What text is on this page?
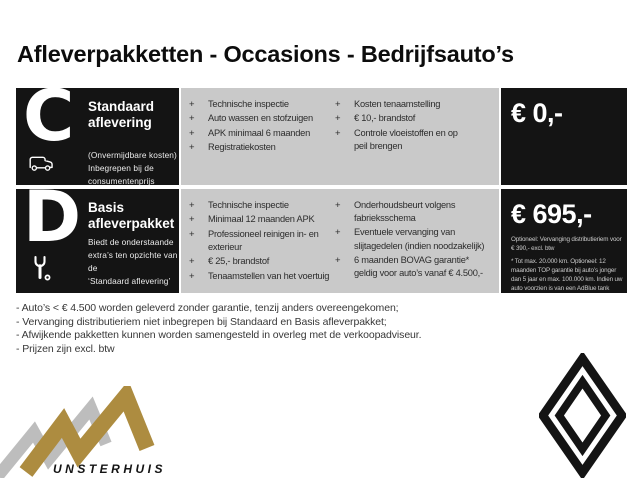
Afleverpakketten - Occasions - Bedrijfsauto’s
C Standaard aflevering
(Onvermijdbare kosten)
Inbegrepen bij de
consumentenprijs
+	Technische inspectie
+	Auto wassen en stofzuigen
+	APK minimaal 6 maanden
+	Registratiekosten
+	Kosten tenaamstelling
+	€ 10,- brandstof
+	Controle vloeistoffen en op
peil brengen
€ 0,-
D Basis afleverpakket
Biedt de onderstaande
extra’s ten opzichte van de
‘Standaard aflevering’
+	Technische inspectie
+	Minimaal 12 maanden APK
+	Professioneel reinigen in- en
exterieur
+	€ 25,- brandstof
+	Tenaamstellen van het voertuig
+	Onderhoudsbeurt volgens
fabrieksschema
+	Eventuele vervanging van
slijtagedelen (indien noodzakelijk)
+	6 maanden BOVAG garantie*
geldig voor auto’s vanaf € 4.500,-
€ 695,-

Optioneel: Vervanging distributieriem voor € 390,- excl. btw

* Tot max. 20.000 km. Optioneel: 12 maanden TOP garantie bij auto’s jonger dan 5 jaar en max. 100.000 km. Indien uw auto voorzien is van een AdBlue tank

- Auto’s < € 4.500 worden geleverd zonder garantie, tenzij anders overeengekomen;
- Vervanging distributieriem niet inbegrepen bij Standaard en Basis afleverpakket;
- Afwijkende pakketten kunnen worden samengesteld in overleg met de verkoopadviseur.
- Prijzen zijn excl. btw
UNSTERHUIS
